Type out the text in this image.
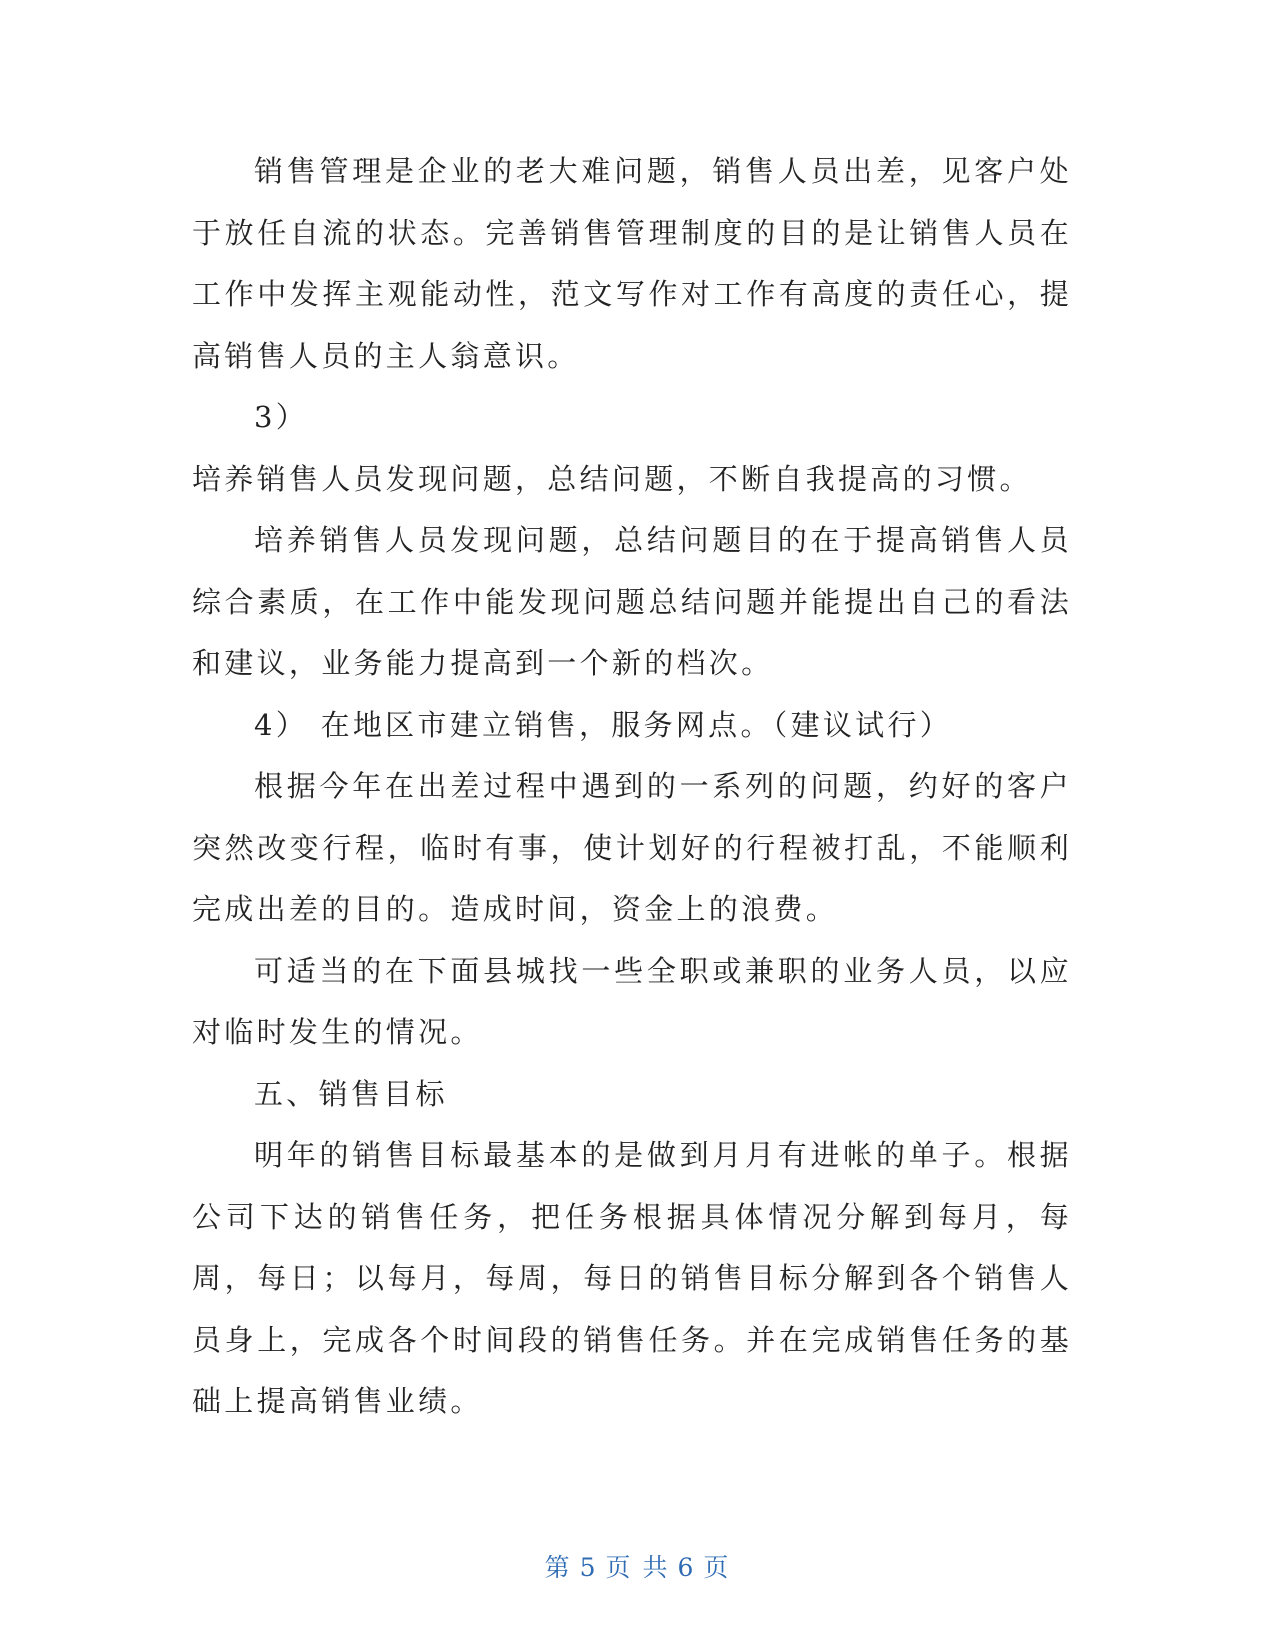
销售管理是企业的老大难问题，销售人员出差，见客户处于放任自流的状态。完善销售管理制度的目的是让销售人员在工作中发挥主观能动性，范文写作对工作有高度的责任心，提高销售人员的主人翁意识。

3）

培养销售人员发现问题，总结问题，不断自我提高的习惯。

培养销售人员发现问题，总结问题目的在于提高销售人员综合素质，在工作中能发现问题总结问题并能提出自己的看法和建议，业务能力提高到一个新的档次。

4） 在地区市建立销售，服务网点。（建议试行）

根据今年在出差过程中遇到的一系列的问题，约好的客户突然改变行程，临时有事，使计划好的行程被打乱，不能顺利完成出差的目的。造成时间，资金上的浪费。

可适当的在下面县城找一些全职或兼职的业务人员，以应对临时发生的情况。

五、销售目标

明年的销售目标最基本的是做到月月有进帐的单子。根据公司下达的销售任务，把任务根据具体情况分解到每月，每周，每日；以每月，每周，每日的销售目标分解到各个销售人员身上，完成各个时间段的销售任务。并在完成销售任务的基础上提高销售业绩。

第 5 页 共 6 页
